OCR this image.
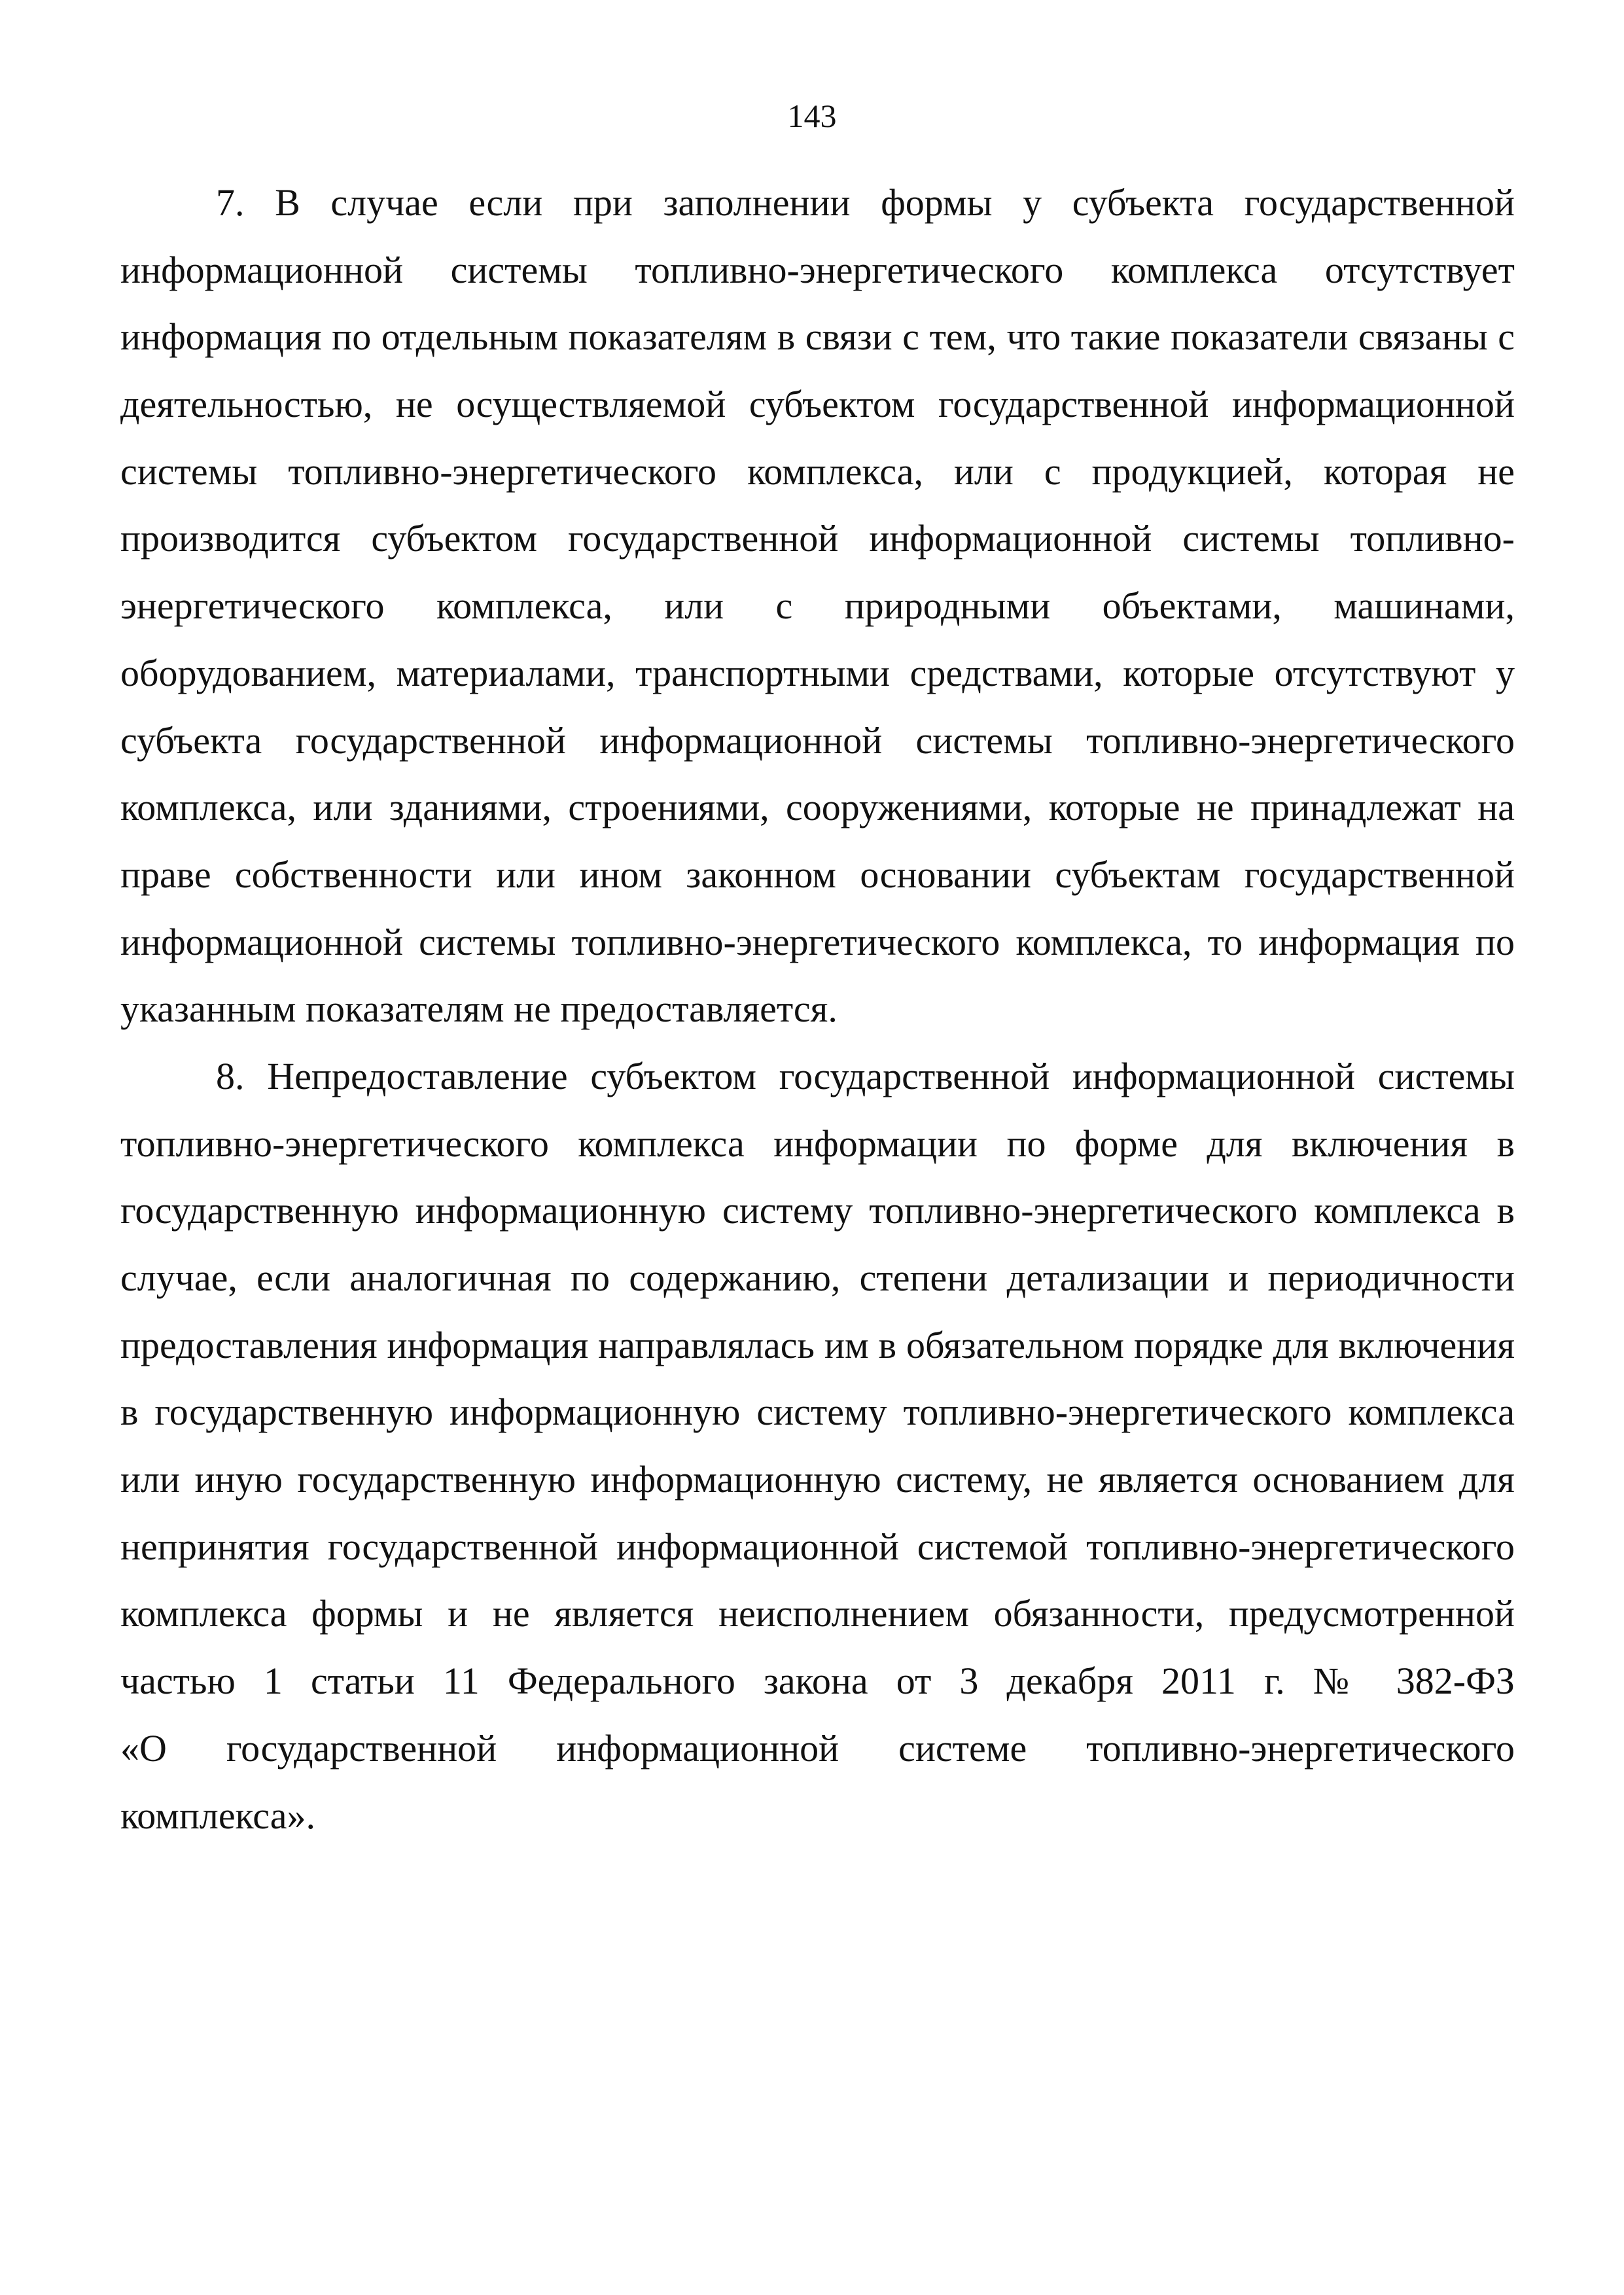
143
7. В случае если при заполнении формы у субъекта государственной
информационной системы топливно-энергетического комплекса отсутствует
информация по отдельным показателям в связи с тем, что такие показатели связаны с
деятельностью, не осуществляемой субъектом государственной информационной
системы топливно-энергетического комплекса, или с продукцией, которая не
производится субъектом государственной информационной системы топливно-
энергетического комплекса, или с природными объектами, машинами,
оборудованием, материалами, транспортными средствами, которые отсутствуют у
субъекта государственной информационной системы топливно-энергетического
комплекса, или зданиями, строениями, сооружениями, которые не принадлежат на
праве собственности или ином законном основании субъектам государственной
информационной системы топливно-энергетического комплекса, то информация по
указанным показателям не предоставляется.
8. Непредоставление субъектом государственной информационной системы
топливно-энергетического комплекса информации по форме для включения в
государственную информационную систему топливно-энергетического комплекса в
случае, если аналогичная по содержанию, степени детализации и периодичности
предоставления информация направлялась им в обязательном порядке для включения
в государственную информационную систему топливно-энергетического комплекса
или иную государственную информационную систему, не является основанием для
непринятия государственной информационной системой топливно-энергетического
комплекса формы и не является неисполнением обязанности, предусмотренной
частью 1 статьи 11 Федерального закона от 3 декабря 2011 г. № 382-ФЗ
«О государственной информационной системе топливно-энергетического
комплекса».
